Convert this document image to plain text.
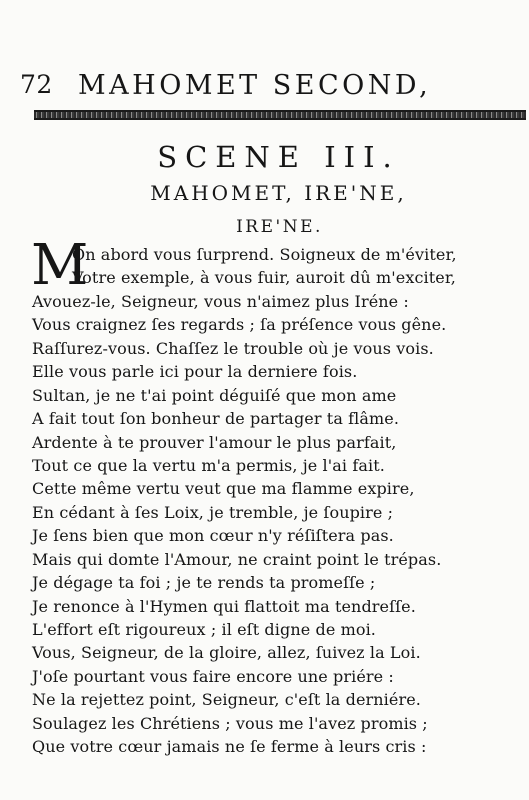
72 MAHOMET SECOND,
SCENE III.
MAHOMET, IRE'NE,
IRE'NE.
M
On abord vous ſurprend. Soigneux de m'éviter,
Votre exemple, à vous fuir, auroit dû m'exciter,
Avouez-le, Seigneur, vous n'aimez plus Iréne :
Vous craignez ſes regards ; ſa préſence vous gêne.
Raſſurez-vous. Chaſſez le trouble où je vous vois.
Elle vous parle ici pour la derniere fois.
Sultan, je ne t'ai point déguiſé que mon ame
A fait tout ſon bonheur de partager ta flâme.
Ardente à te prouver l'amour le plus parfait,
Tout ce que la vertu m'a permis, je l'ai fait.
Cette même vertu veut que ma flamme expire,
En cédant à ſes Loix, je tremble, je ſoupire ;
Je ſens bien que mon cœur n'y réſiſtera pas.
Mais qui domte l'Amour, ne craint point le trépas.
Je dégage ta foi ; je te rends ta promeſſe ;
Je renonce à l'Hymen qui flattoit ma tendreſſe.
L'effort eſt rigoureux ; il eſt digne de moi.
Vous, Seigneur, de la gloire, allez, ſuivez la Loi.
J'oſe pourtant vous faire encore une priére :
Ne la rejettez point, Seigneur, c'eſt la derniére.
Soulagez les Chrétiens ; vous me l'avez promis ;
Que votre cœur jamais ne ſe ferme à leurs cris :
